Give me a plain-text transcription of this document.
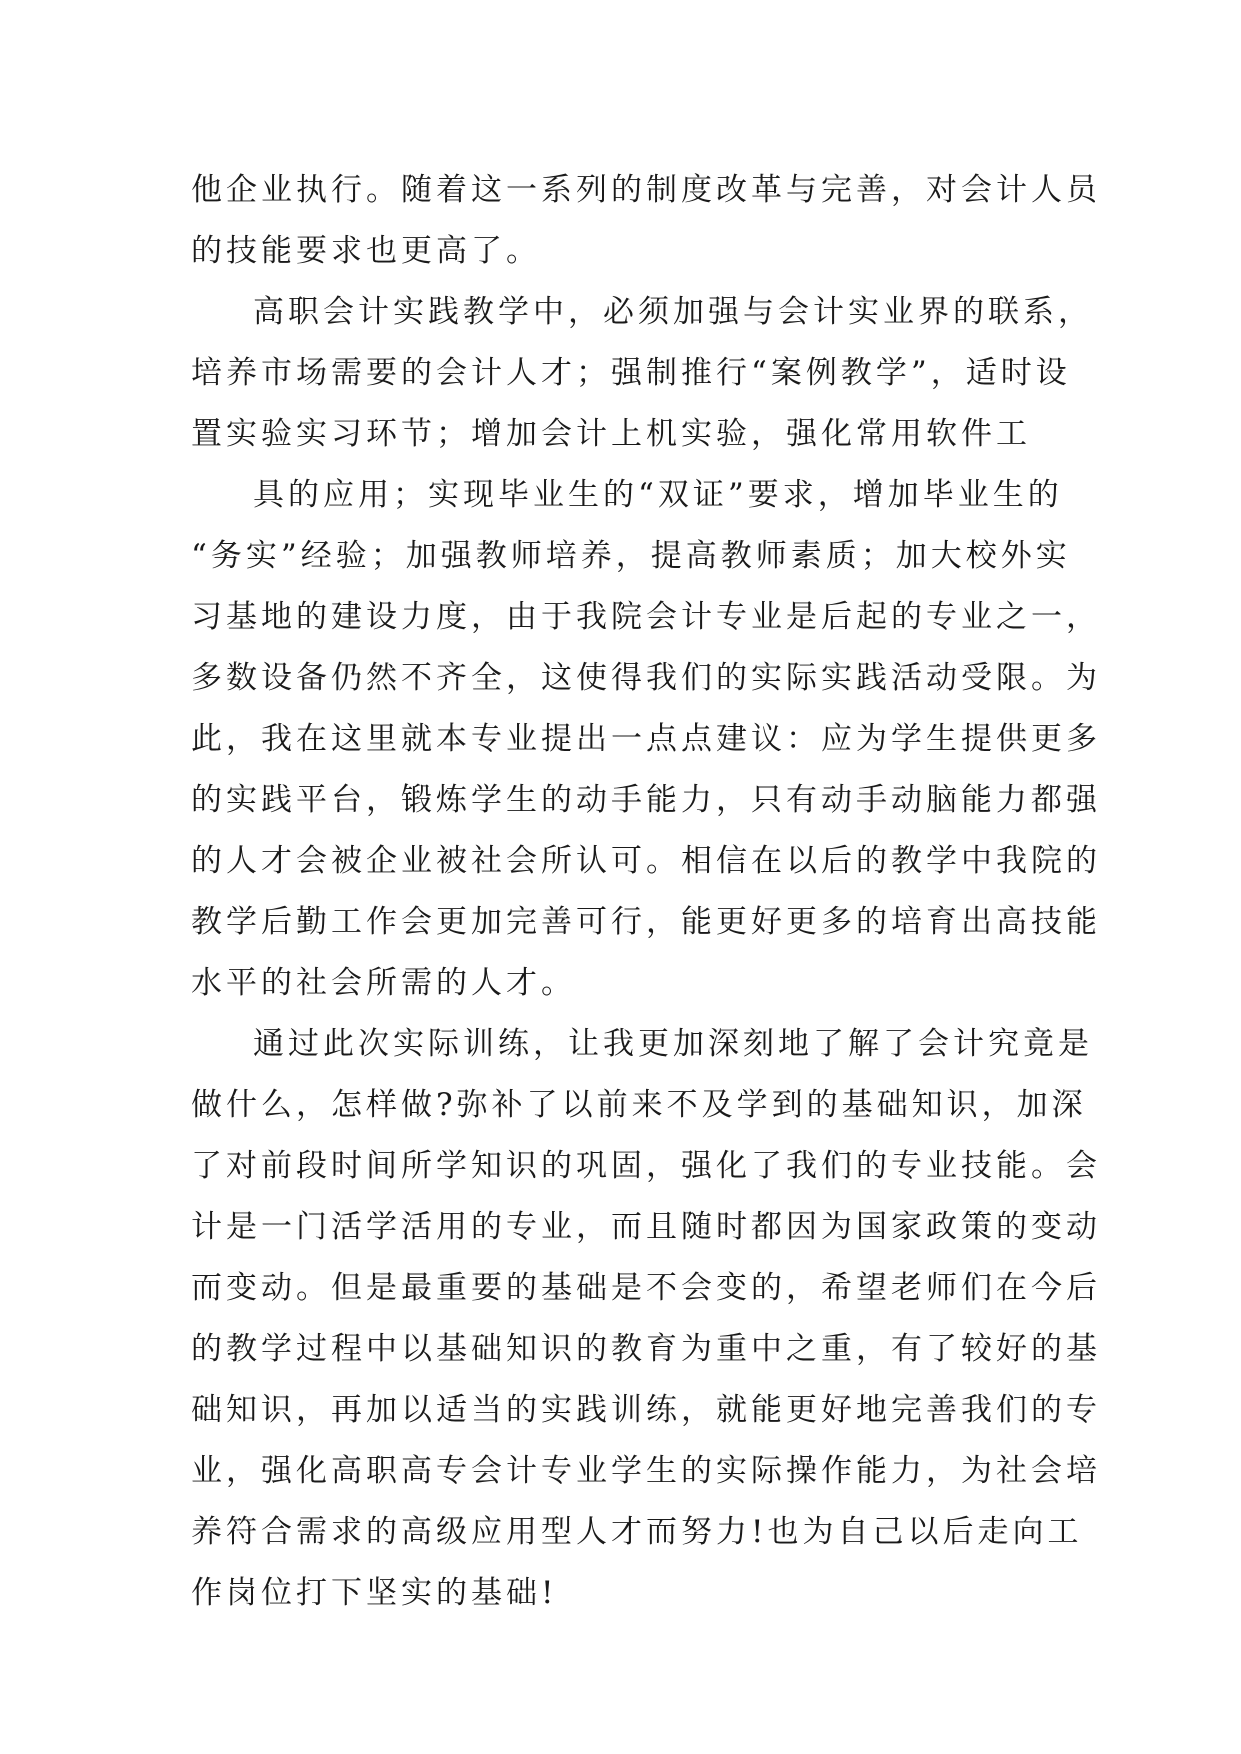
他企业执行。随着这一系列的制度改革与完善，对会计人员
的技能要求也更高了。
高职会计实践教学中，必须加强与会计实业界的联系，
培养市场需要的会计人才；强制推行“案例教学”，适时设
置实验实习环节；增加会计上机实验，强化常用软件工
具的应用；实现毕业生的“双证”要求，增加毕业生的
“务实”经验；加强教师培养，提高教师素质；加大校外实
习基地的建设力度，由于我院会计专业是后起的专业之一，
多数设备仍然不齐全，这使得我们的实际实践活动受限。为
此，我在这里就本专业提出一点点建议：应为学生提供更多
的实践平台，锻炼学生的动手能力，只有动手动脑能力都强
的人才会被企业被社会所认可。相信在以后的教学中我院的
教学后勤工作会更加完善可行，能更好更多的培育出高技能
水平的社会所需的人才。
通过此次实际训练，让我更加深刻地了解了会计究竟是
做什么，怎样做?弥补了以前来不及学到的基础知识，加深
了对前段时间所学知识的巩固，强化了我们的专业技能。会
计是一门活学活用的专业，而且随时都因为国家政策的变动
而变动。但是最重要的基础是不会变的，希望老师们在今后
的教学过程中以基础知识的教育为重中之重，有了较好的基
础知识，再加以适当的实践训练，就能更好地完善我们的专
业，强化高职高专会计专业学生的实际操作能力，为社会培
养符合需求的高级应用型人才而努力!也为自己以后走向工
作岗位打下坚实的基础!
